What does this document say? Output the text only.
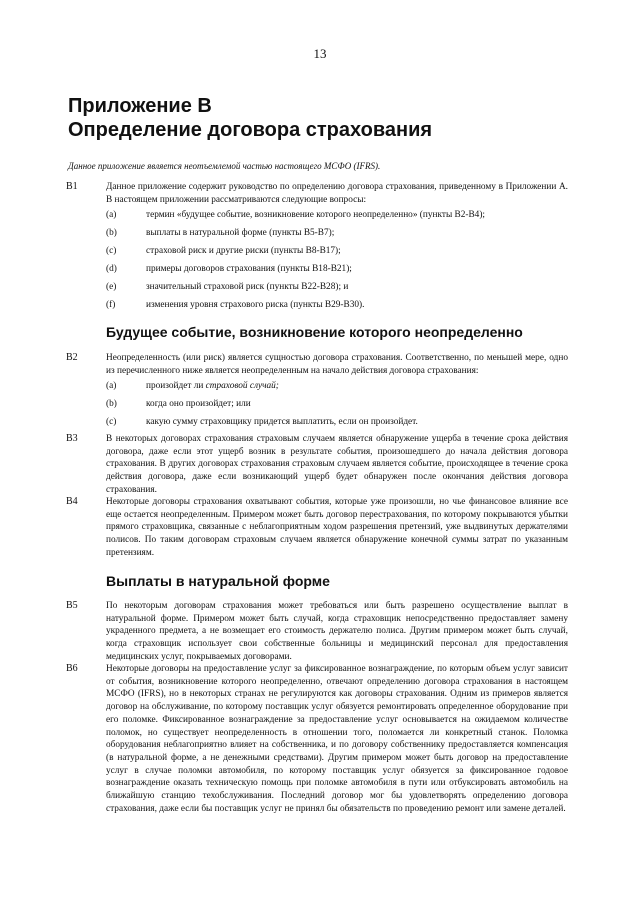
13
Приложение В
Определение договора страхования
Данное приложение является неотъемлемой частью настоящего МСФО (IFRS).
B1	Данное приложение содержит руководство по определению договора страхования, приведенному в Приложении А. В настоящем приложении рассматриваются следующие вопросы:
(a)	термин «будущее событие, возникновение которого неопределенно» (пункты B2-B4);
(b)	выплаты в натуральной форме (пункты B5-B7);
(c)	страховой риск и другие риски (пункты B8-B17);
(d)	примеры договоров страхования (пункты B18-B21);
(e)	значительный страховой риск (пункты B22-B28); и
(f)	изменения уровня страхового риска (пункты B29-B30).
Будущее событие, возникновение которого неопределенно
B2	Неопределенность (или риск) является сущностью договора страхования. Соответственно, по меньшей мере, одно из перечисленного ниже является неопределенным на начало действия договора страхования:
(a)	произойдет ли страховой случай;
(b)	когда оно произойдет; или
(c)	какую сумму страховщику придется выплатить, если он произойдет.
B3	В некоторых договорах страхования страховым случаем является обнаружение ущерба в течение срока действия договора, даже если этот ущерб возник в результате события, произошедшего до начала действия договора страхования. В других договорах страхования страховым случаем является событие, происходящее в течение срока действия договора, даже если возникающий ущерб будет обнаружен после окончания действия договора страхования.
B4	Некоторые договоры страхования охватывают события, которые уже произошли, но чье финансовое влияние все еще остается неопределенным. Примером может быть договор перестрахования, по которому покрываются убытки прямого страховщика, связанные с неблагоприятным ходом разрешения претензий, уже выдвинутых держателями полисов. По таким договорам страховым случаем является обнаружение конечной суммы затрат по указанным претензиям.
Выплаты в натуральной форме
B5	По некоторым договорам страхования может требоваться или быть разрешено осуществление выплат в натуральной форме. Примером может быть случай, когда страховщик непосредственно предоставляет замену украденного предмета, а не возмещает его стоимость держателю полиса. Другим примером может быть случай, когда страховщик использует свои собственные больницы и медицинский персонал для предоставления медицинских услуг, покрываемых договорами.
B6	Некоторые договоры на предоставление услуг за фиксированное вознаграждение, по которым объем услуг зависит от события, возникновение которого неопределенно, отвечают определению договора страхования в настоящем МСФО (IFRS), но в некоторых странах не регулируются как договоры страхования. Одним из примеров является договор на обслуживание, по которому поставщик услуг обязуется ремонтировать определенное оборудование при его поломке. Фиксированное вознаграждение за предоставление услуг основывается на ожидаемом количестве поломок, но существует неопределенность в отношении того, поломается ли конкретный станок. Поломка оборудования неблагоприятно влияет на собственника, и по договору собственнику предоставляется компенсация (в натуральной форме, а не денежными средствами). Другим примером может быть договор на предоставление услуг в случае поломки автомобиля, по которому поставщик услуг обязуется за фиксированное годовое вознаграждение оказать техническую помощь при поломке автомобиля в пути или отбуксировать автомобиль на ближайшую станцию техобслуживания. Последний договор мог бы удовлетворять определению договора страхования, даже если бы поставщик услуг не принял бы обязательств по проведению ремонт или замене деталей.
